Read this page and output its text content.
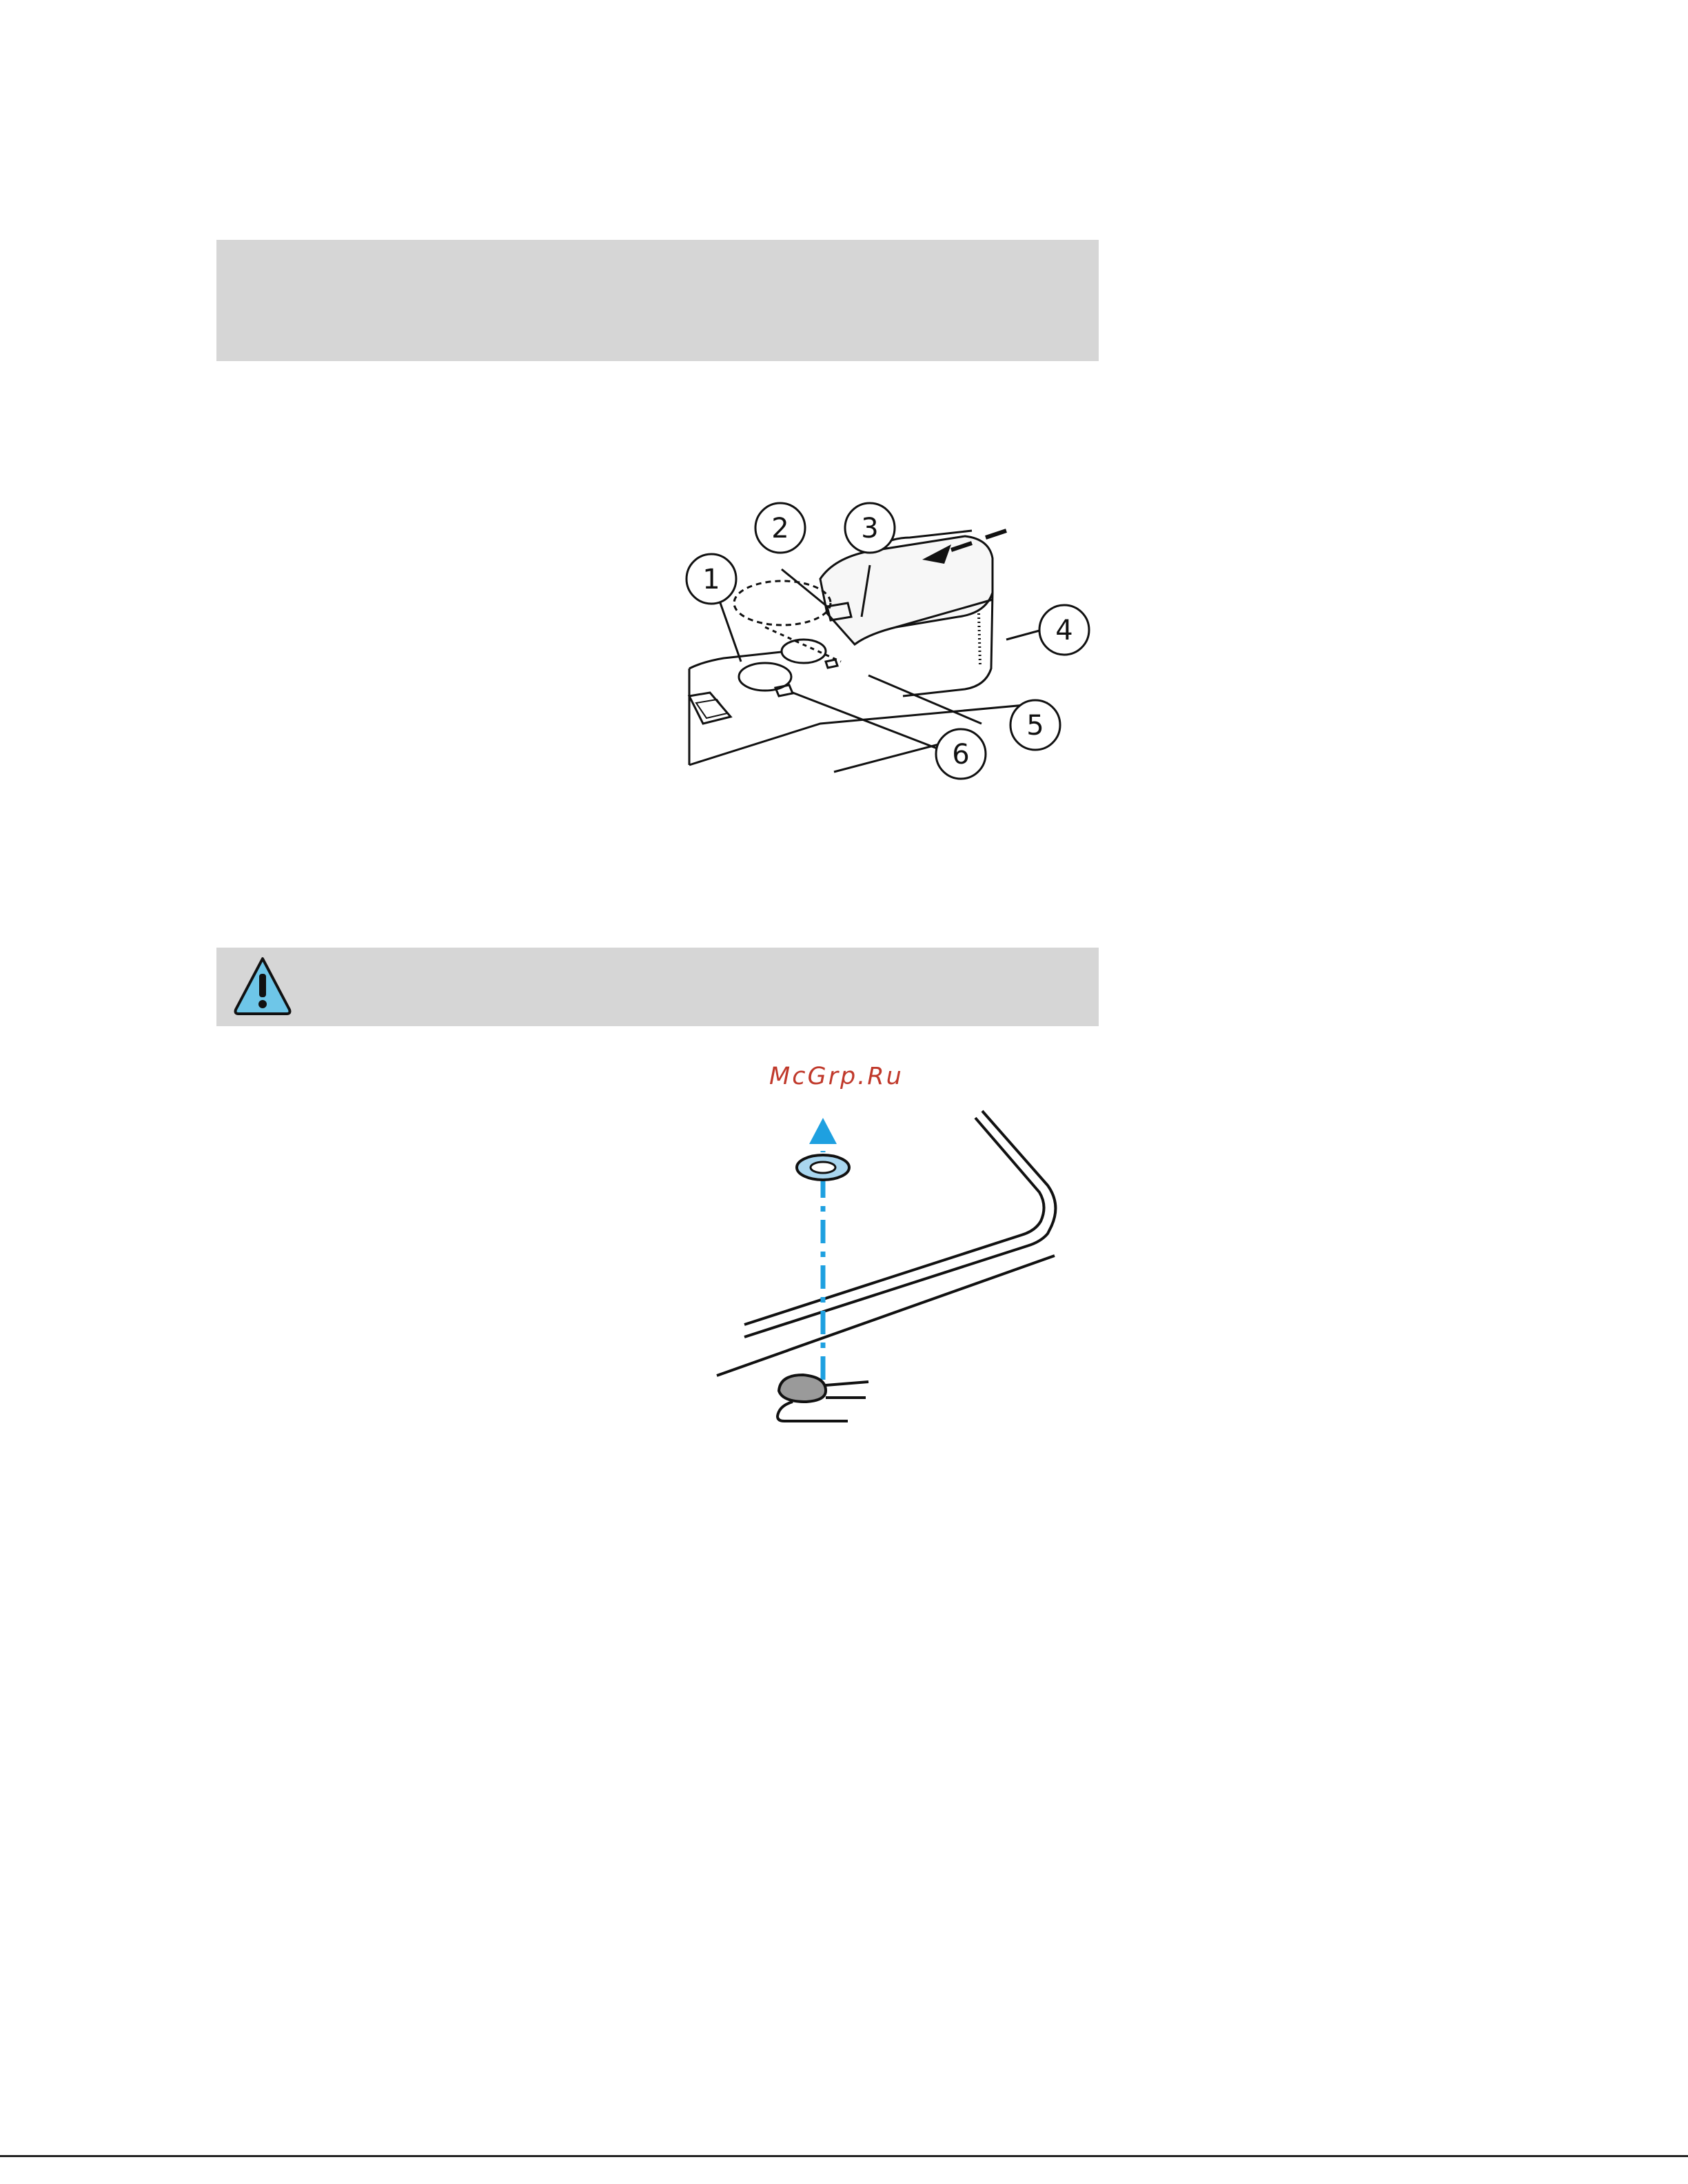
1
2	3
4
5
6
McGrp.Ru
